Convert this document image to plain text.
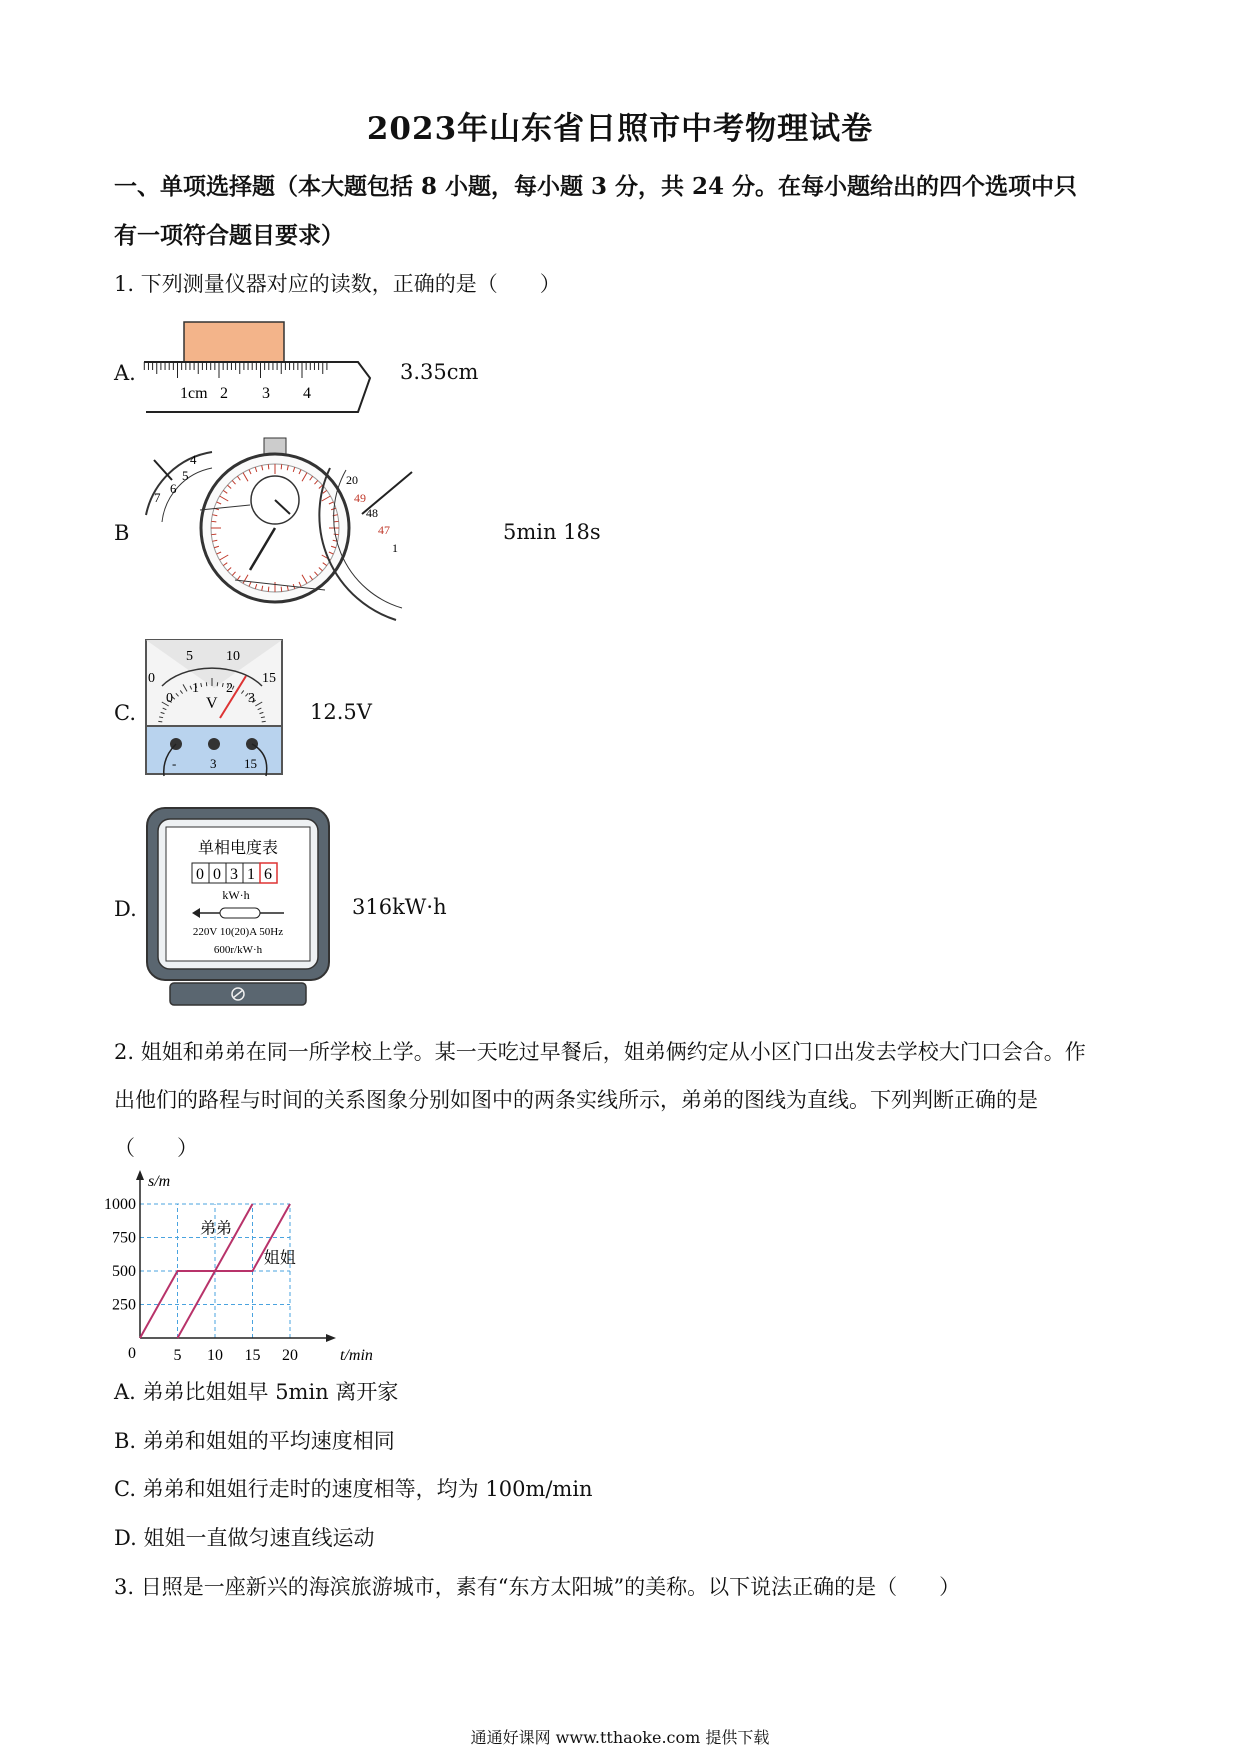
2023年山东省日照市中考物理试卷
一、单项选择题（本大题包括 8 小题，每小题 3 分，共 24 分。在每小题给出的四个选项中只
有一项符合题目要求）
1. 下列测量仪器对应的读数，正确的是（　　）
A.
1cm 2 3 4
3.35cm
B
4
5
6
7
20
49
48
47
1
5min 18s
C.
0
5 10
15
0
1 2
3
V
-	3 15
12.5V
D.
单相电度表
0 0 3 1 6
kW·h
220V 10(20)A 50Hz
600r/kW·h
316kW·h
2. 姐姐和弟弟在同一所学校上学。某一天吃过早餐后，姐弟俩约定从小区门口出发去学校大门口会合。作
出他们的路程与时间的关系图象分别如图中的两条实线所示，弟弟的图线为直线。下列判断正确的是
（　　）
5 10 15 20
250
500
750
1000
t/min
s/m
0
弟弟
姐姐
A. 弟弟比姐姐早 5min 离开家
B. 弟弟和姐姐的平均速度相同
C. 弟弟和姐姐行走时的速度相等，均为 100m/min
D. 姐姐一直做匀速直线运动
3. 日照是一座新兴的海滨旅游城市，素有“东方太阳城”的美称。以下说法正确的是（　　）
通通好课网 www.tthaoke.com 提供下载
